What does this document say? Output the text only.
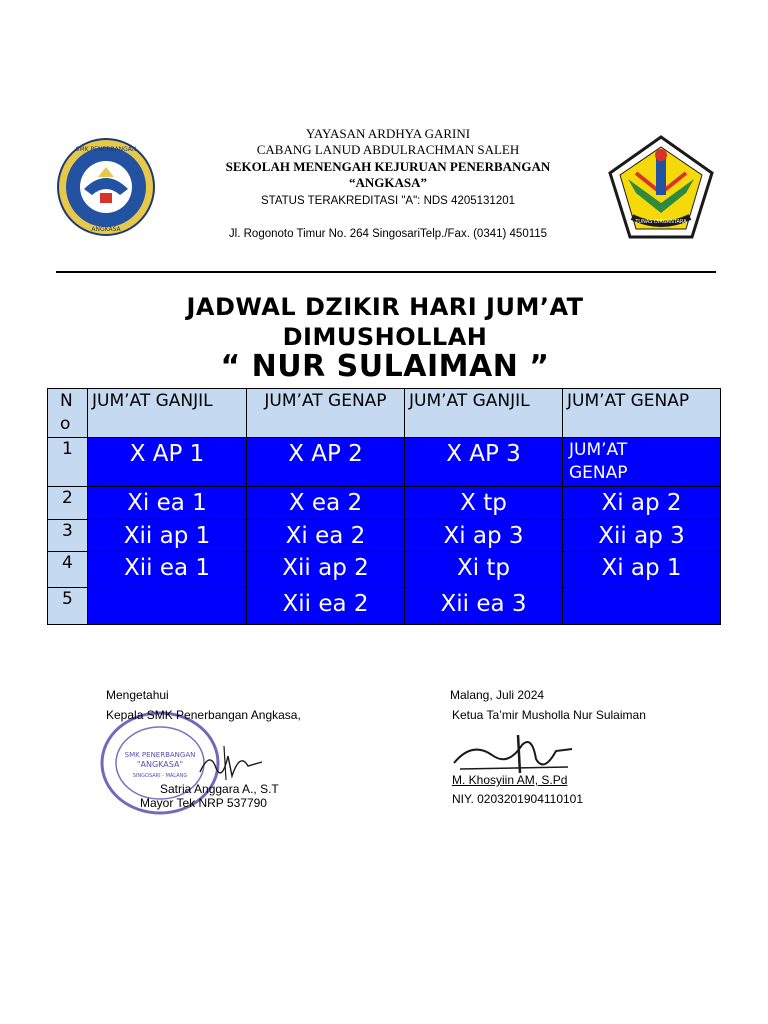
SMK PENERBANGAN
ANGKASA
YAYASAN ARDHYA GARINI
CABANG LANUD ABDULRACHMAN SALEH
SEKOLAH MENENGAH KEJURUAN PENERBANGAN
“ANGKASA”
STATUS TERAKREDITASI "A": NDS 4205131201
Jl. Rogonoto Timur No. 264 SingosariTelp./Fax. (0341) 450115
TUNAS DIRGANTARA
JADWAL DZIKIR HARI JUM’AT
DIMUSHOLLAH
“ NUR SULAIMAN ”
N o	JUM’AT GANJIL	JUM’AT GENAP	JUM’AT GANJIL	JUM’AT GENAP
1	X AP 1	X AP 2	X AP 3	JUM’AT GENAP

2	Xi ea 1	X ea 2	X tp	Xi ap 2
3	Xii ap 1	Xi ea 2	Xi ap 3	Xii ap 3
4	Xii ea 1	Xii ap 2	Xi tp	Xi ap 1
5		Xii ea 2	Xii ea 3	
SMK PENERBANGAN
"ANGKASA"
SINGOSARI - MALANG
Mengetahui
Kepala SMK Penerbangan Angkasa,
Satria Anggara A., S.T
Mayor Tek NRP 537790
Malang, Juli 2024
Ketua Ta’mir Musholla Nur Sulaiman
M. Khosyiin AM, S.Pd
NIY. 0203201904110101
